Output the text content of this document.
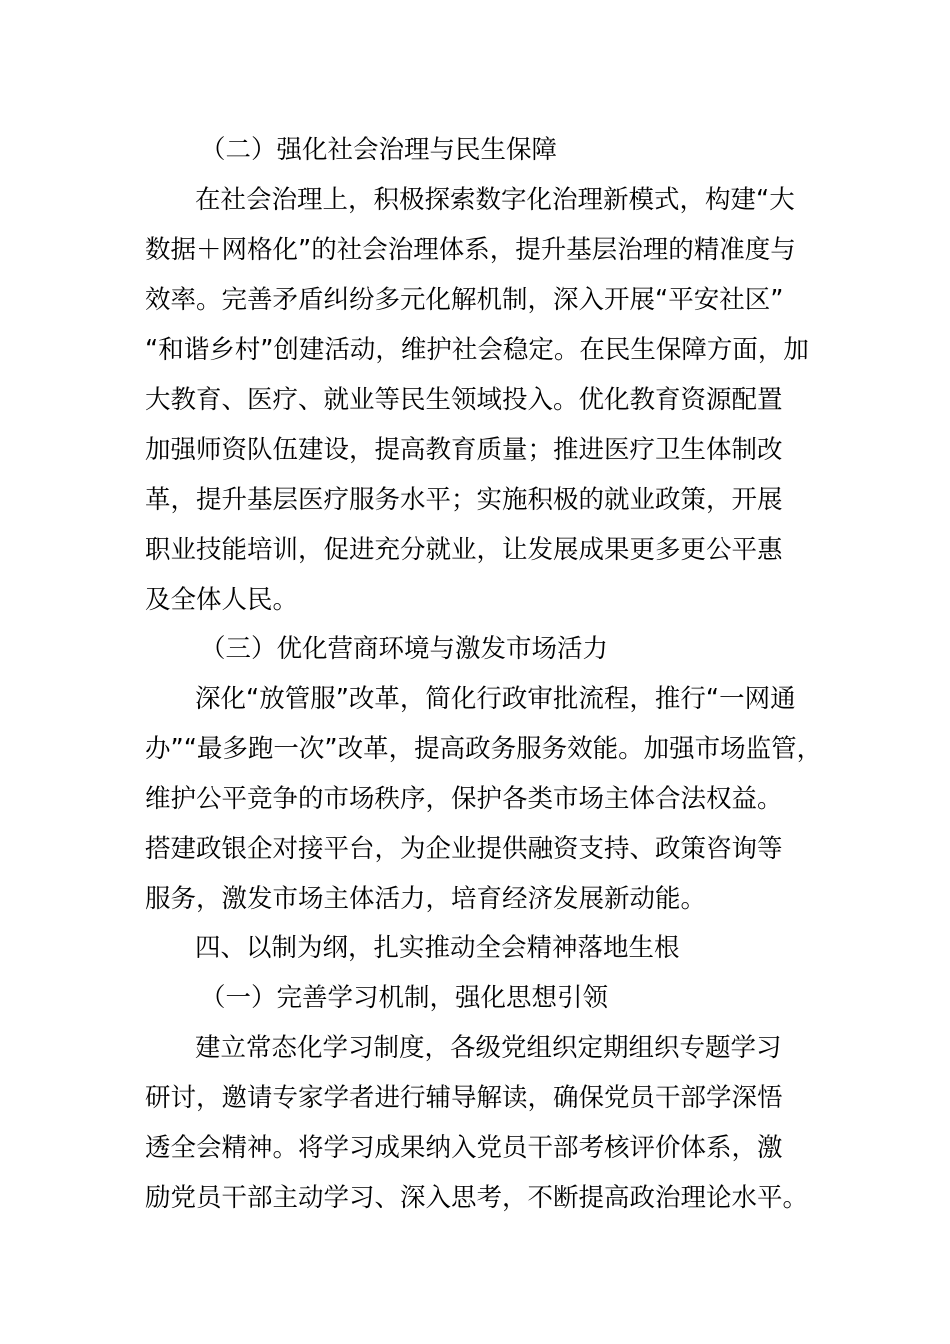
（二）强化社会治理与民生保障

在社会治理上，积极探索数字化治理新模式，构建“大

数据＋网格化”的社会治理体系，提升基层治理的精准度与

效率。完善矛盾纠纷多元化解机制，深入开展“平安社区”

“和谐乡村”创建活动，维护社会稳定。在民生保障方面，加

大教育、医疗、就业等民生领域投入。优化教育资源配置

加强师资队伍建设，提高教育质量；推进医疗卫生体制改

革，提升基层医疗服务水平；实施积极的就业政策，开展

职业技能培训，促进充分就业，让发展成果更多更公平惠

及全体人民。

（三）优化营商环境与激发市场活力

深化“放管服”改革，简化行政审批流程，推行“一网通

办”“最多跑一次”改革，提高政务服务效能。加强市场监管，

维护公平竞争的市场秩序，保护各类市场主体合法权益。

搭建政银企对接平台，为企业提供融资支持、政策咨询等

服务，激发市场主体活力，培育经济发展新动能。

四、以制为纲，扎实推动全会精神落地生根

（一）完善学习机制，强化思想引领

建立常态化学习制度，各级党组织定期组织专题学习

研讨，邀请专家学者进行辅导解读，确保党员干部学深悟

透全会精神。将学习成果纳入党员干部考核评价体系，激

励党员干部主动学习、深入思考，不断提高政治理论水平。
